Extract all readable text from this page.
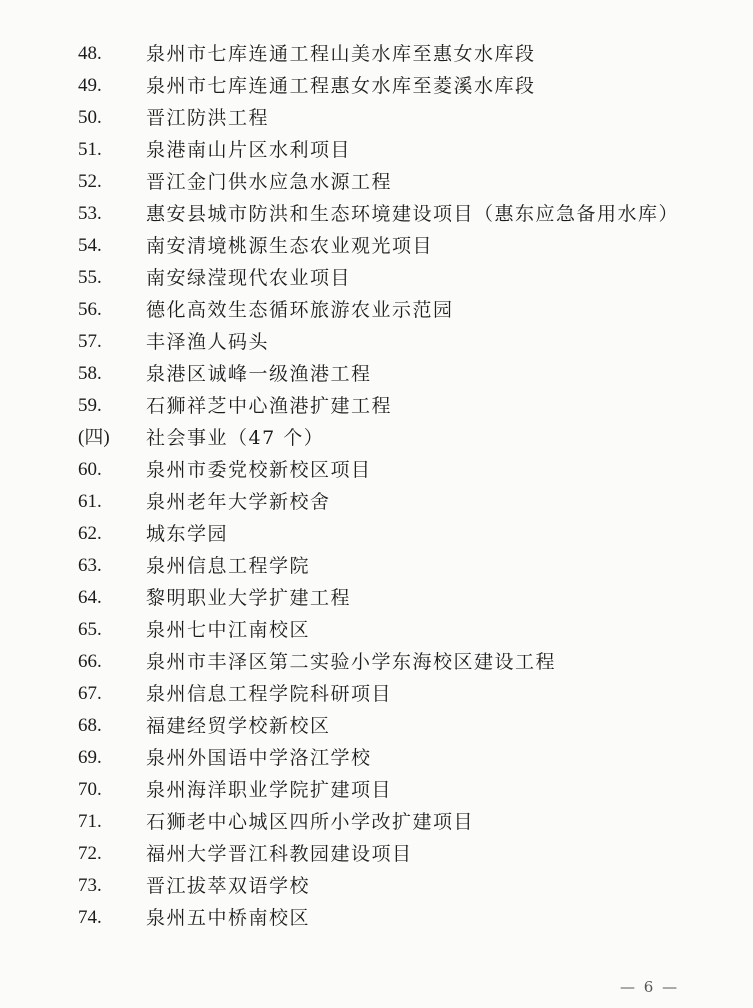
48.	泉州市七库连通工程山美水库至惠女水库段
49.	泉州市七库连通工程惠女水库至菱溪水库段
50.	晋江防洪工程
51.	泉港南山片区水利项目
52.	晋江金门供水应急水源工程
53.	惠安县城市防洪和生态环境建设项目（惠东应急备用水库）
54.	南安清境桃源生态农业观光项目
55.	南安绿滢现代农业项目
56.	德化高效生态循环旅游农业示范园
57.	丰泽渔人码头
58.	泉港区诚峰一级渔港工程
59.	石狮祥芝中心渔港扩建工程
(四)	社会事业（47 个）
60.	泉州市委党校新校区项目
61.	泉州老年大学新校舍
62.	城东学园
63.	泉州信息工程学院
64.	黎明职业大学扩建工程
65.	泉州七中江南校区
66.	泉州市丰泽区第二实验小学东海校区建设工程
67.	泉州信息工程学院科研项目
68.	福建经贸学校新校区
69.	泉州外国语中学洛江学校
70.	泉州海洋职业学院扩建项目
71.	石狮老中心城区四所小学改扩建项目
72.	福州大学晋江科教园建设项目
73.	晋江拔萃双语学校
74.	泉州五中桥南校区
— 6 —
